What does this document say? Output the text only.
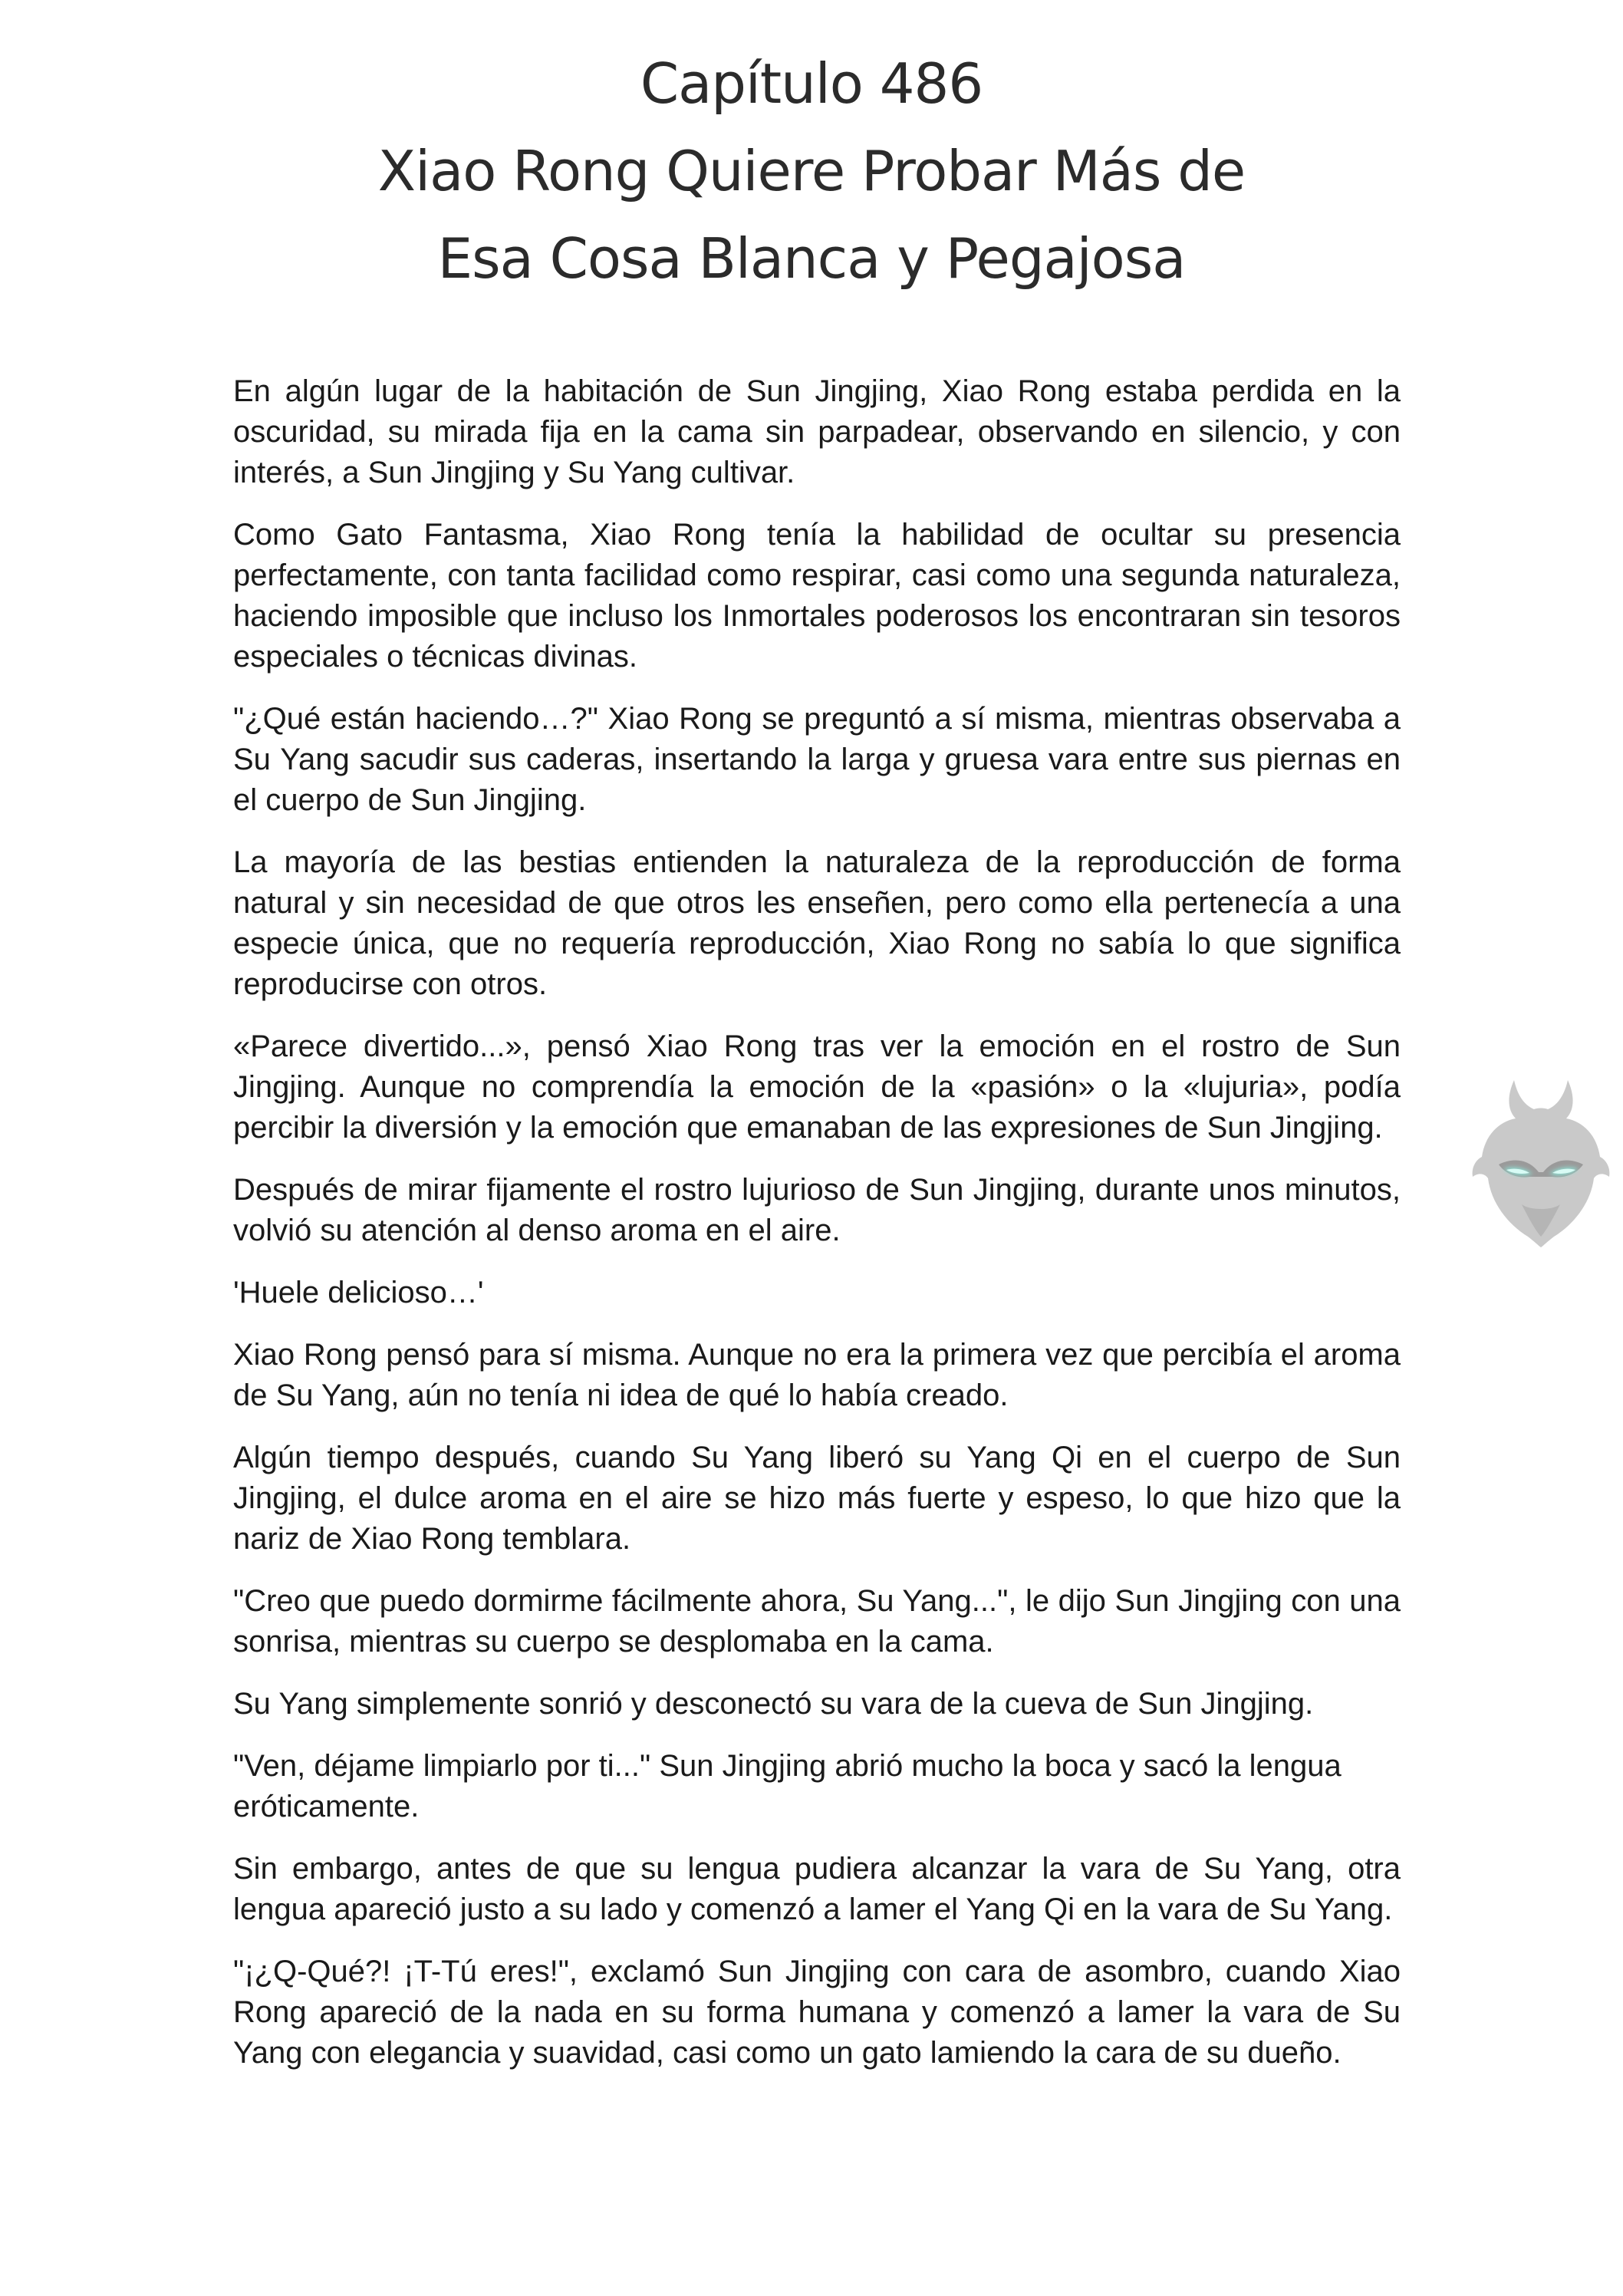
Capítulo 486
Xiao Rong Quiere Probar Más de
Esa Cosa Blanca y Pegajosa

En algún lugar de la habitación de Sun Jingjing, Xiao Rong estaba perdida en la oscuridad, su mirada fija en la cama sin parpadear, observando en silencio, y con interés, a Sun Jingjing y Su Yang cultivar.

Como Gato Fantasma, Xiao Rong tenía la habilidad de ocultar su presencia perfectamente, con tanta facilidad como respirar, casi como una segunda naturaleza, haciendo imposible que incluso los Inmortales poderosos los encontraran sin tesoros especiales o técnicas divinas.

"¿Qué están haciendo…?" Xiao Rong se preguntó a sí misma, mientras observaba a Su Yang sacudir sus caderas, insertando la larga y gruesa vara entre sus piernas en el cuerpo de Sun Jingjing.

La mayoría de las bestias entienden la naturaleza de la reproducción de forma natural y sin necesidad de que otros les enseñen, pero como ella pertenecía a una especie única, que no requería reproducción, Xiao Rong no sabía lo que significa reproducirse con otros.

«Parece divertido...», pensó Xiao Rong tras ver la emoción en el rostro de Sun Jingjing. Aunque no comprendía la emoción de la «pasión» o la «lujuria», podía percibir la diversión y la emoción que emanaban de las expresiones de Sun Jingjing.

Después de mirar fijamente el rostro lujurioso de Sun Jingjing, durante unos minutos, volvió su atención al denso aroma en el aire.

'Huele delicioso…'

Xiao Rong pensó para sí misma. Aunque no era la primera vez que percibía el aroma de Su Yang, aún no tenía ni idea de qué lo había creado.

Algún tiempo después, cuando Su Yang liberó su Yang Qi en el cuerpo de Sun Jingjing, el dulce aroma en el aire se hizo más fuerte y espeso, lo que hizo que la nariz de Xiao Rong temblara.

"Creo que puedo dormirme fácilmente ahora, Su Yang...", le dijo Sun Jingjing con una sonrisa, mientras su cuerpo se desplomaba en la cama.

Su Yang simplemente sonrió y desconectó su vara de la cueva de Sun Jingjing.

"Ven, déjame limpiarlo por ti..." Sun Jingjing abrió mucho la boca y sacó la lengua eróticamente.

Sin embargo, antes de que su lengua pudiera alcanzar la vara de Su Yang, otra lengua apareció justo a su lado y comenzó a lamer el Yang Qi en la vara de Su Yang.

"¡¿Q-Qué?! ¡T-Tú eres!", exclamó Sun Jingjing con cara de asombro, cuando Xiao Rong apareció de la nada en su forma humana y comenzó a lamer la vara de Su Yang con elegancia y suavidad, casi como un gato lamiendo la cara de su dueño.
